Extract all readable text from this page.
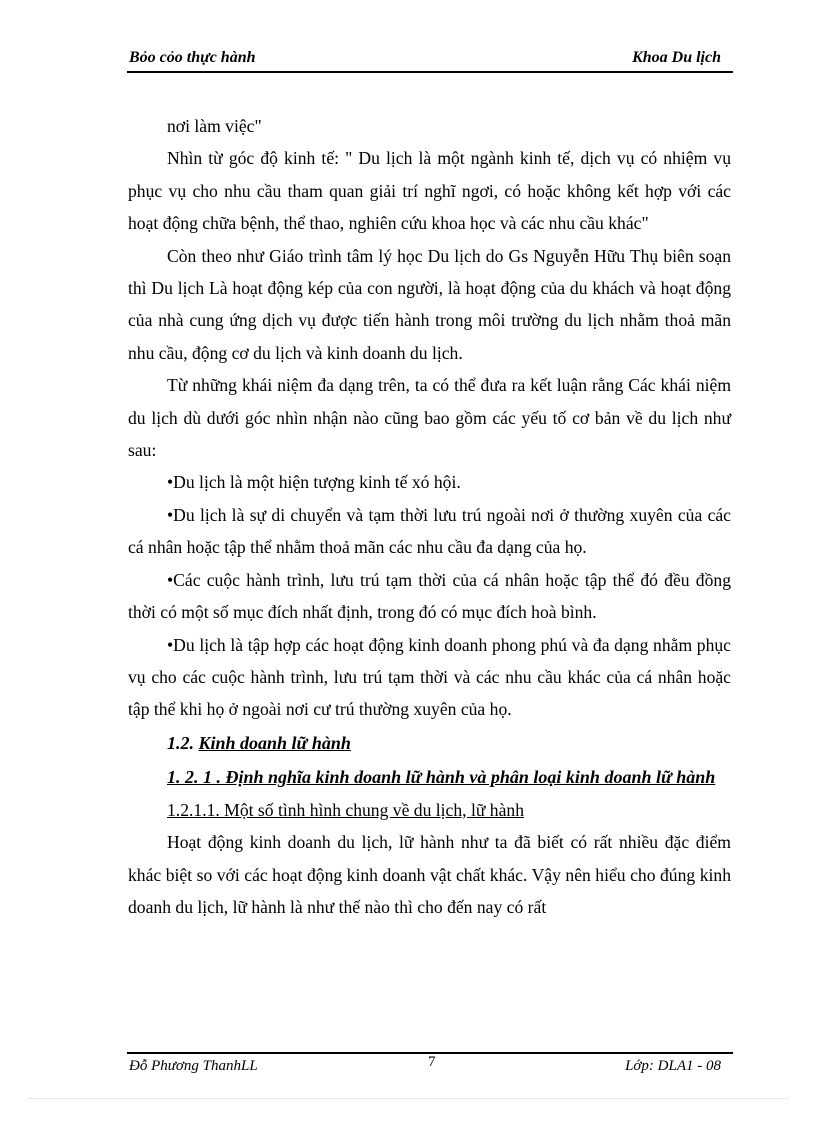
Bỏo cỏo thực hành	Khoa Du lịch

nơi làm việc"

Nhìn từ góc độ kinh tế: " Du lịch là một ngành kinh tế, dịch vụ có nhiệm vụ phục vụ cho nhu cầu tham quan giải trí nghĩ ngơi, có hoặc không kết hợp với các hoạt động chữa bệnh, thể thao, nghiên cứu khoa học và các nhu cầu khác"

Còn theo như Giáo trình tâm lý học Du lịch do Gs Nguyễn Hữu Thụ biên soạn thì Du lịch Là hoạt động kép của con người, là hoạt động của du khách và hoạt động của nhà cung ứng dịch vụ được tiến hành trong môi trường du lịch nhằm thoả mãn nhu cầu, động cơ du lịch và kinh doanh du lịch.

Từ những khái niệm đa dạng trên, ta có thể đưa ra kết luận rằng Các khái niệm du lịch dù dưới góc nhìn nhận nào cũng bao gồm các yếu tố cơ bản về du lịch như sau:

•Du lịch là một hiện tượng kinh tế xó hội.

•Du lịch là sự di chuyển và tạm thời lưu trú ngoài nơi ở thường xuyên của các cá nhân hoặc tập thể nhằm thoả mãn các nhu cầu đa dạng của họ.

•Các cuộc hành trình, lưu trú tạm thời của cá nhân hoặc tập thể đó đều đồng thời có một số mục đích nhất định, trong đó có mục đích hoà bình.

•Du lịch là tập hợp các hoạt động kinh doanh phong phú và đa dạng nhằm phục vụ cho các cuộc hành trình, lưu trú tạm thời và các nhu cầu khác của cá nhân hoặc tập thể khi họ ở ngoài nơi cư trú thường xuyên của họ.

1.2. Kinh doanh lữ hành
1. 2. 1 . Định nghĩa kinh doanh lữ hành và phân loại kinh doanh lữ hành

1.2.1.1. Một số tình hình chung về du lịch, lữ hành

Hoạt động kinh doanh du lịch, lữ hành như ta đã biết có rất nhiều đặc điểm khác biệt so với các hoạt động kinh doanh vật chất khác. Vậy nên hiểu cho đúng kinh doanh du lịch, lữ hành là như thế nào thì cho đến nay có rất

Đỗ Phương ThanhLL	7	Lớp: DLA1 - 08
